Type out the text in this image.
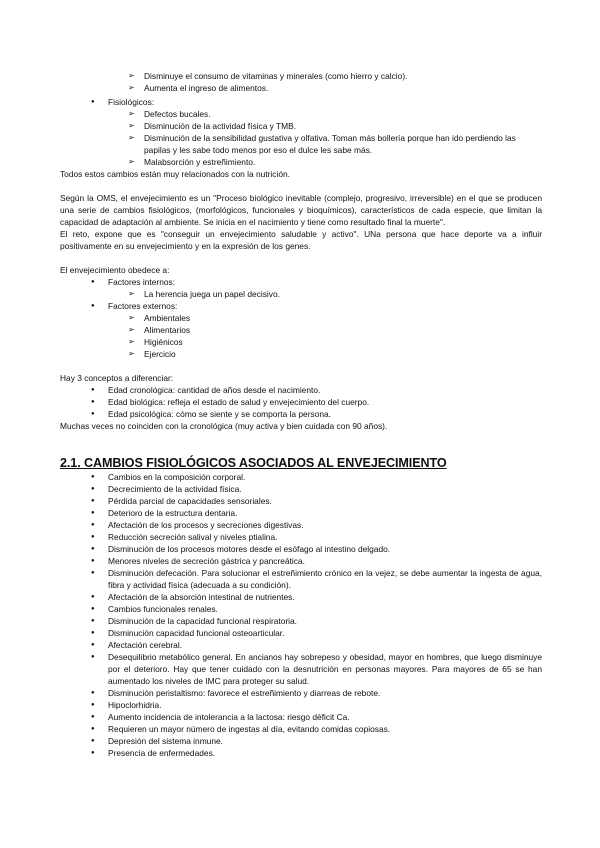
➢ Disminuye el consumo de vitaminas y minerales (como hierro y calcio).
➢ Aumenta el ingreso de alimentos.
● Fisiológicos:
➢ Defectos bucales.
➢ Disminución de la actividad física y TMB.
➢ Disminución de la sensibilidad gustativa y olfativa. Toman más bollería porque han ido perdiendo las papilas y les sabe todo menos por eso el dulce les sabe más.
➢ Malabsorción y estreñimiento.

Todos estos cambios están muy relacionados con la nutrición.

Según la OMS, el envejecimiento es un "Proceso biológico inevitable (complejo, progresivo, irreversible) en el que se producen una serie de cambios fisiológicos, (morfológicos, funcionales y bioquímicos), característicos de cada especie, que limitan la capacidad de adaptación al ambiente. Se inicia en el nacimiento y tiene como resultado final la muerte".

El reto, expone que es "conseguir un envejecimiento saludable y activo". UNa persona que hace deporte va a influir positivamente en su envejecimiento y en la expresión de los genes.

El envejecimiento obedece a:

● Factores internos:
➢ La herencia juega un papel decisivo.
● Factores externos:
➢ Ambientales
➢ Alimentarios
➢ Higiénicos
➢ Ejercicio

Hay 3 conceptos a diferenciar:

● Edad cronológica: cantidad de años desde el nacimiento.
● Edad biológica: refleja el estado de salud y envejecimiento del cuerpo.
● Edad psicológica: cómo se siente y se comporta la persona.

Muchas veces no coinciden con la cronológica (muy activa y bien cuidada con 90 años).

2.1. CAMBIOS FISIOLÓGICOS ASOCIADOS AL ENVEJECIMIENTO
● Cambios en la composición corporal.
● Decrecimiento de la actividad física.
● Pérdida parcial de capacidades sensoriales.
● Deterioro de la estructura dentaria.
● Afectación de los procesos y secreciones digestivas.
● Reducción secreción salival y niveles ptialina.
● Disminución de los procesos motores desde el esófago al intestino delgado.
● Menores niveles de secreción gástrica y pancreática.
● Disminución defecación. Para solucionar el estreñimiento crónico en la vejez, se debe aumentar la ingesta de agua, fibra y actividad física (adecuada a su condición).
● Afectación de la absorción intestinal de nutrientes.
● Cambios funcionales renales.
● Disminución de la capacidad funcional respiratoria.
● Disminución capacidad funcional osteoarticular.
● Afectación cerebral.
● Desequilibrio metabólico general. En ancianos hay sobrepeso y obesidad, mayor en hombres, que luego disminuye por el deterioro. Hay que tener cuidado con la desnutrición en personas mayores. Para mayores de 65 se han aumentado los niveles de IMC para proteger su salud.
● Disminución peristaltismo: favorece el estreñimiento y diarreas de rebote.
● Hipoclorhidria.
● Aumento incidencia de intolerancia a la lactosa: riesgo déficit Ca.
● Requieren un mayor número de ingestas al día, evitando comidas copiosas.
● Depresión del sistema inmune.
● Presencia de enfermedades.
